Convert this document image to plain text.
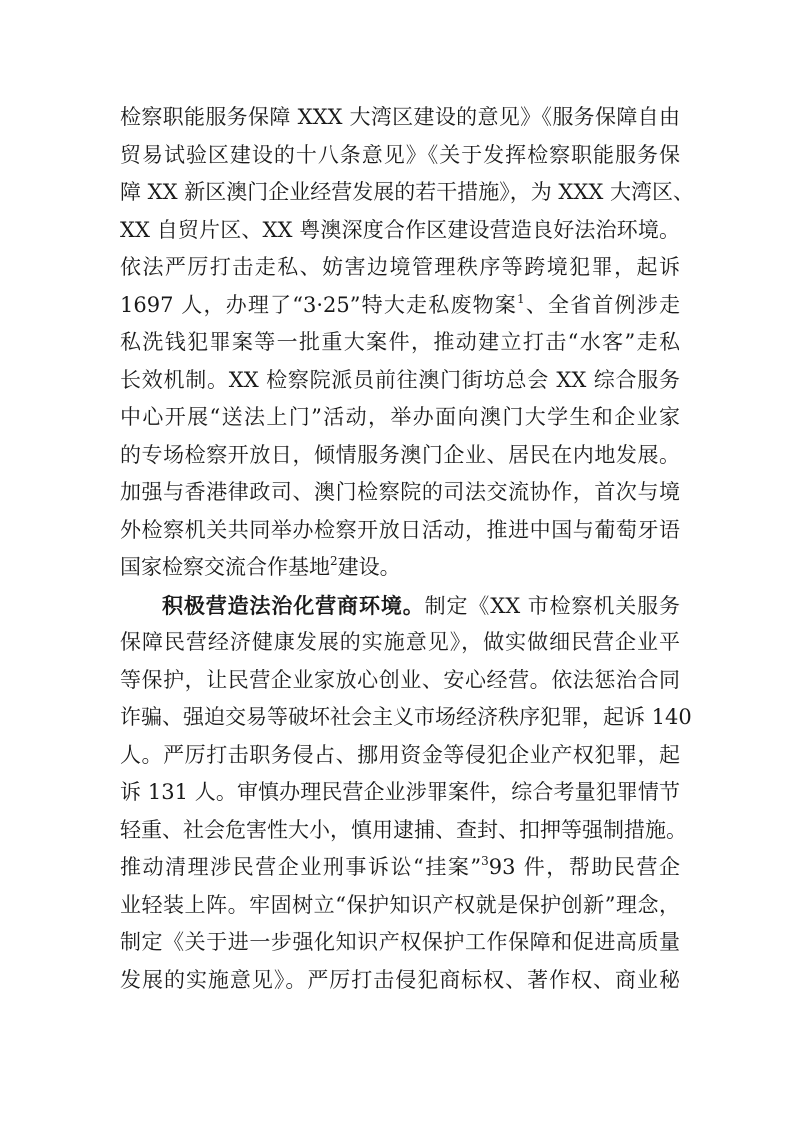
检察职能服务保障 XXX 大湾区建设的意见》《服务保障自由
贸易试验区建设的十八条意见》《关于发挥检察职能服务保
障 XX 新区澳门企业经营发展的若干措施》，为 XXX 大湾区、
XX 自贸片区、XX 粤澳深度合作区建设营造良好法治环境。
依法严厉打击走私、妨害边境管理秩序等跨境犯罪，起诉
1697 人，办理了“3·25”特大走私废物案$^1$、全省首例涉走
私洗钱犯罪案等一批重大案件，推动建立打击“水客”走私
长效机制。XX 检察院派员前往澳门街坊总会 XX 综合服务
中心开展“送法上门”活动，举办面向澳门大学生和企业家
的专场检察开放日，倾情服务澳门企业、居民在内地发展。
加强与香港律政司、澳门检察院的司法交流协作，首次与境
外检察机关共同举办检察开放日活动，推进中国与葡萄牙语
国家检察交流合作基地$^2$建设。
积极营造法治化营商环境。制定《XX 市检察机关服务
保障民营经济健康发展的实施意见》，做实做细民营企业平
等保护，让民营企业家放心创业、安心经营。依法惩治合同
诈骗、强迫交易等破坏社会主义市场经济秩序犯罪，起诉 140
人。严厉打击职务侵占、挪用资金等侵犯企业产权犯罪，起
诉 131 人。审慎办理民营企业涉罪案件，综合考量犯罪情节
轻重、社会危害性大小，慎用逮捕、查封、扣押等强制措施。
推动清理涉民营企业刑事诉讼“挂案”$^3$93 件，帮助民营企
业轻装上阵。牢固树立“保护知识产权就是保护创新”理念，
制定《关于进一步强化知识产权保护工作保障和促进高质量
发展的实施意见》。严厉打击侵犯商标权、著作权、商业秘
